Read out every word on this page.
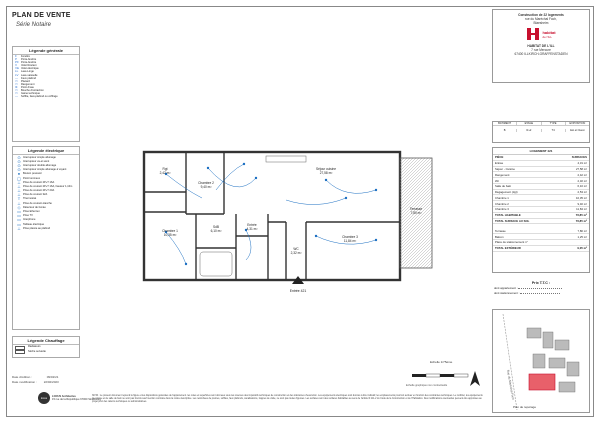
PLAN DE VENTE
Série Notaire
Légende générale
F	Fenêtre
P	Porte-fenêtre
PF Porte-fenêtre
V	Volet Roulant
VE Volet électrique
LL	Lave-Linge
LV Lave-vaisselle
—	Faux plafond
▭	Placard
▭	Rangement
⊗	Point d'eau
▭	Bouche d'extraction
▭	Gaine technique
—	Soffite, faux-plafond ou coffrage
Légende électrique
⊙ Interrupteur simple allumage
⊙ Interrupteur va-et-vient
⊙ Interrupteur double allumage
⊙ Interrupteur simple allumage à voyant
●	Bouton poussoir
◯ Point lumineux
⊥ Prise de courant 2P+T 16A
⊥ Prise de courant 2P+T 16A, hauteur 1,10m
⊥ Prise de courant 2P+T 20A
⊥ Prise de courant 32A
T	Thermostat
⊥ Prise de courant étanche
◇ Détecteur de fumée
▭ Prise Ethernet
▭ Prise TV
▭ Interphone
▭ Tableau électrique
⊥ Prise placée au plafond
Légende Chauffage
Radiateurs
Sèche serviette
Date d'édition :	09/02/21
Date modification : 22/02/2023
locus	LOCUS Architectes
15 rue de la République 67000 Strasbourg
Rgt
2,42 m²
Chambre 2
9,40 m²
Séjour cuisine
27,58 m²
Chambre 1
10,35 m²
SdB
6,10 m²
Entrée
4,31 m²
WC
2,32 m²
Chambre 3
11,84 m²
Terrasse
7,80 m²
Entrée 421
Echelle 1/75ème
Echelle graphique non contractuelle
NOTA : Le présent document reprend la figure et les dispositions générales de l'appartement. les cotes et superficies sont données sous les réserves des impératifs techniques de construction et des tolérances d'exécution. Les équipements électriques sont donnés à titre indicatif, les emplacements pourront évoluer en fonction des contraintes techniques. Le mobilier, les équipements de cuisine et de salle de bain ne sont pas fournis sauf mention contraire dans la notice descriptive. Les retombées de poutres, soffites, faux plafonds, canalisations, trappes de visite, ne sont pas toutes figurées. Les surfaces sont des surfaces habitables au sens de l'article R.111-2 du Code de la Construction et de l'Habitation. Des modifications éventuelles peuvent être apportées au projet pour des raisons techniques ou administratives.
Construction de 22 logements
rue du Maréchal Foch,
Blaesheim
habitat
de l'ILL
HABITAT DE L'ILL
7 rue Mercure
67400 ILLKIRCH-GRAFFENSTADEN
BATIMENT	ETAGE	TYPE	EXPOSITION
B	R+2	T4	Est et Ouest
LOGEMENT 421
PIÈCE	SURFACES
Entrée	4,31 m²
Séjour - Cuisine	27,58 m²
Rangement	2,42 m²
Wc	2,32 m²
Salle de bain	6,10 m²
Dégagement (dgt)	2,53 m²
Chambre 1	10,35 m²
Chambre 2	9,40 m²
Chambre 3	11,84 m²
TOTAL HABITABLE	76,85 m²
TOTAL SURFACE AU SOL	76,85 m²
Terrasse	7,80 m²
Balcon	1,25 m²
Place de stationnement n°	
TOTAL EXTÉRIEUR	9,05 m²
Prix T.T.C :
dont appartement :
dont stationnement :
Rue du Maréchal Foch
Plan de repérage
